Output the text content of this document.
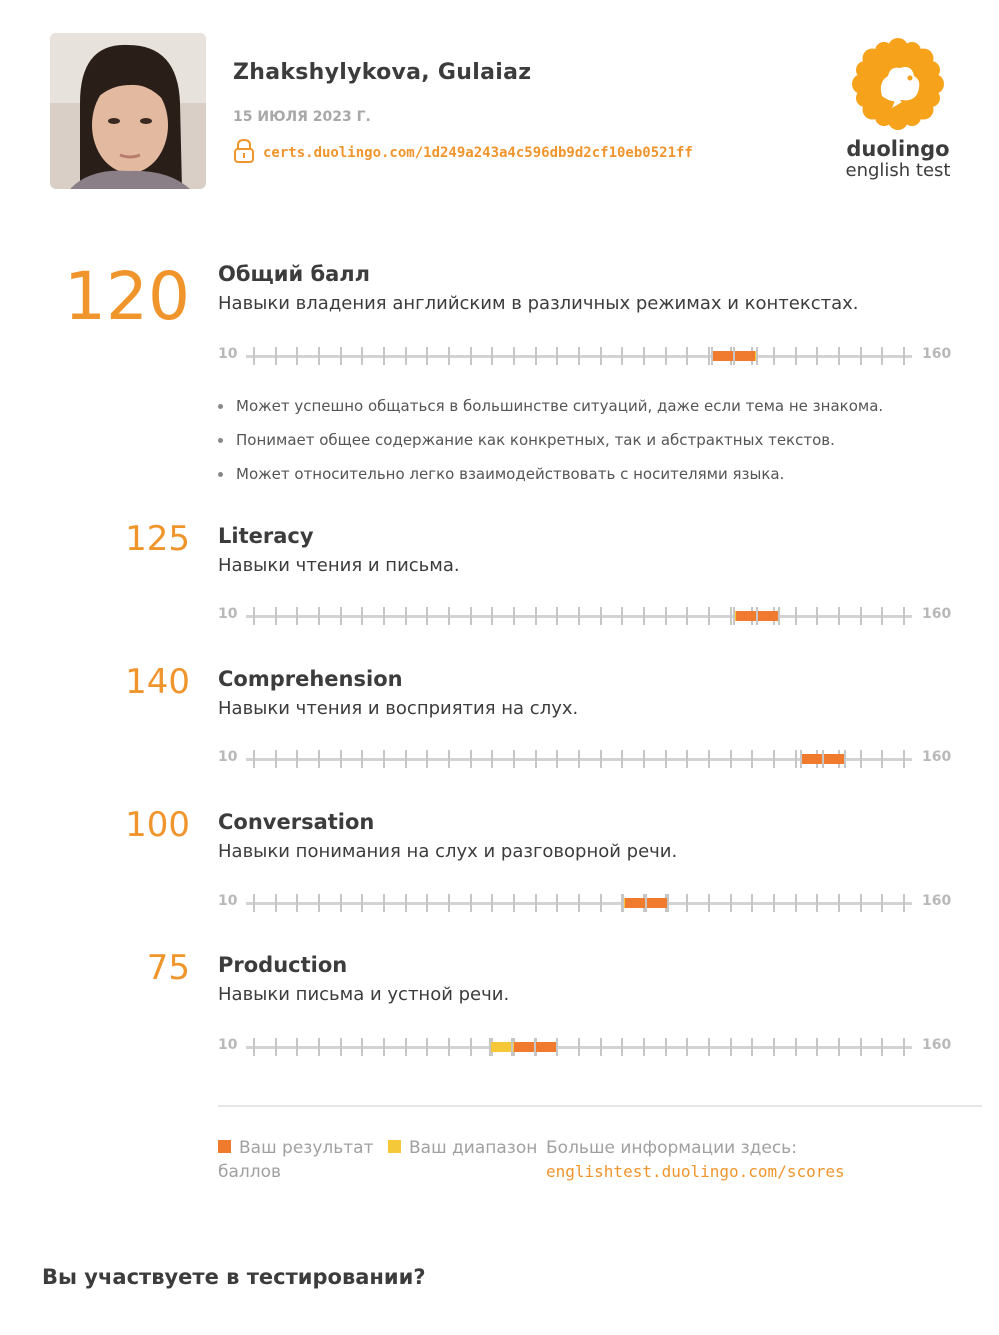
Zhakshylykova, Gulaiaz
15 ИЮЛЯ 2023 Г.
certs.duolingo.com/1d249a243a4c596db9d2cf10eb0521ff	duolingo
english test
120 Общий балл
Навыки владения английским в различных режимах и контекстах.
10	160
Может успешно общаться в большинстве ситуаций, даже если тема не знакома.
Понимает общее содержание как конкретных, так и абстрактных текстов.
Может относительно легко взаимодействовать с носителями языка.
125 Literacy
Навыки чтения и письма.
10	160
140 Comprehension
Навыки чтения и восприятия на слух.
10	160
100 Conversation
Навыки понимания на слух и разговорной речи.
10	160
75 Production
Навыки письма и устной речи.
10	160
Ваш результат
баллов
Ваш диапазон Больше информации здесь:
englishtest.duolingo.com/scores
Вы участвуете в тестировании?
